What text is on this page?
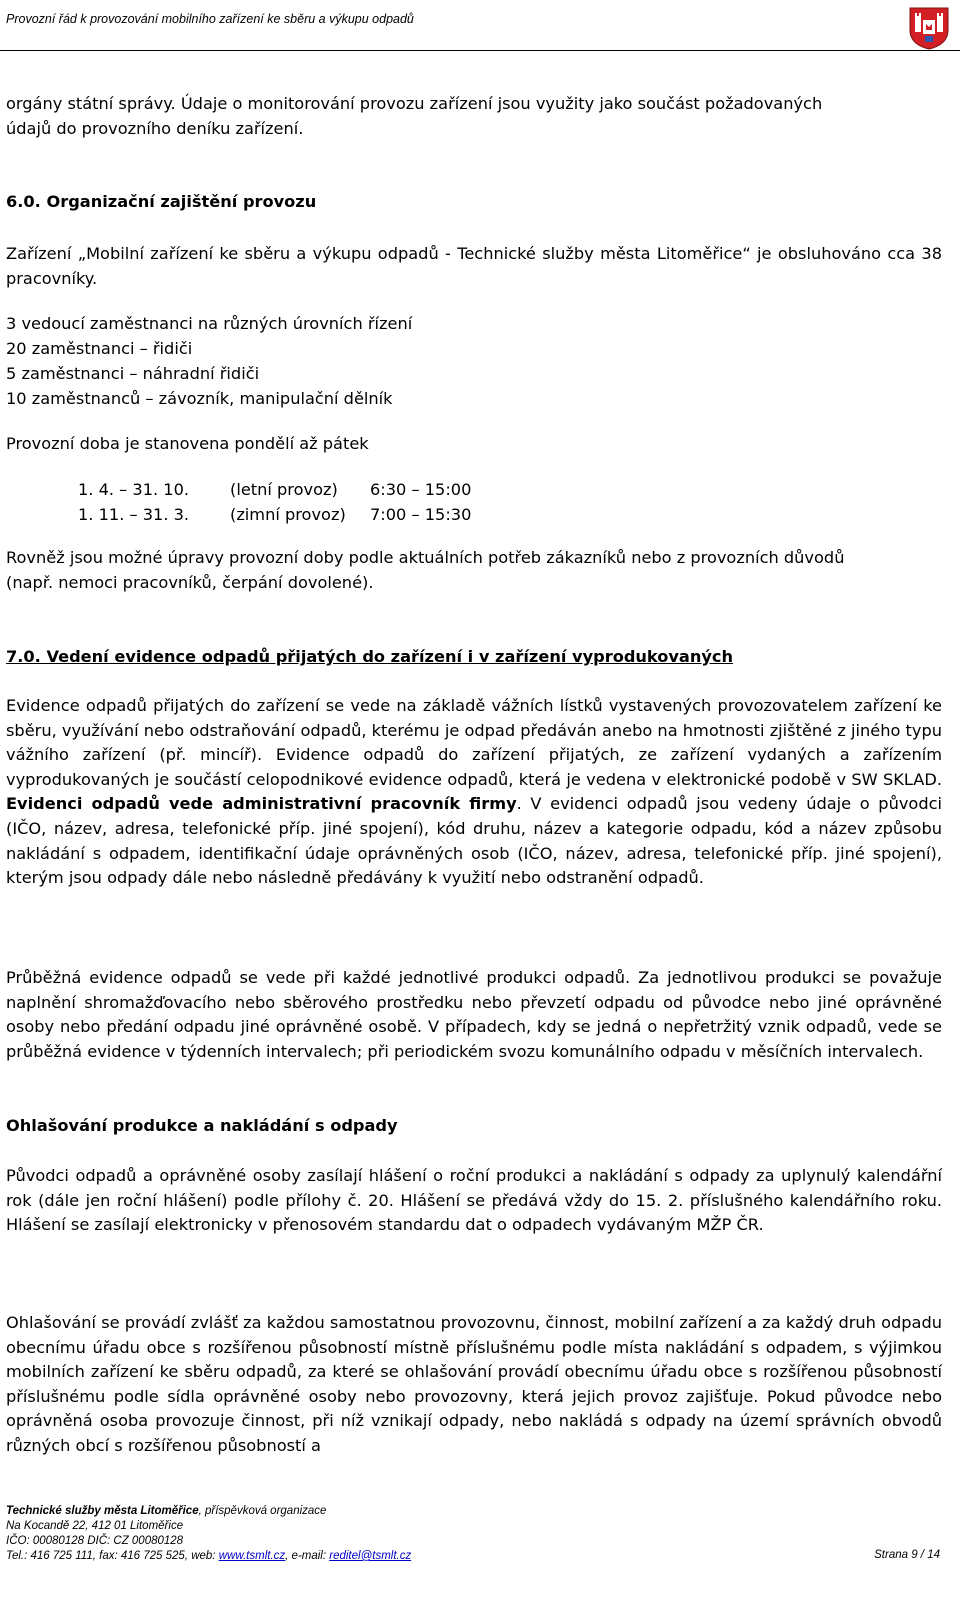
Provozní řád k provozování mobilního zařízení ke sběru a výkupu odpadů
orgány státní správy. Údaje o monitorování provozu zařízení jsou využity jako součást požadovaných
údajů do provozního deníku zařízení.
6.0. Organizační zajištění provozu
Zařízení „Mobilní zařízení ke sběru a výkupu odpadů - Technické služby města Litoměřice“ je obsluhováno cca 38 pracovníky.
3 vedoucí zaměstnanci na různých úrovních řízení
20 zaměstnanci – řidiči
5 zaměstnanci – náhradní řidiči
10 zaměstnanců – závozník, manipulační dělník
Provozní doba je stanovena pondělí až pátek
1. 4. – 31. 10.	(letní provoz)	6:30 – 15:00
1. 11. – 31. 3.	(zimní provoz)	7:00 – 15:30
Rovněž jsou možné úpravy provozní doby podle aktuálních potřeb zákazníků nebo z provozních důvodů
(např. nemoci pracovníků, čerpání dovolené).
7.0. Vedení evidence odpadů přijatých do zařízení i v zařízení vyprodukovaných
Evidence odpadů přijatých do zařízení se vede na základě vážních lístků vystavených provozovatelem zařízení ke sběru, využívání nebo odstraňování odpadů, kterému je odpad předáván anebo na hmotnosti zjištěné z jiného typu vážního zařízení (př. mincíř). Evidence odpadů do zařízení přijatých, ze zařízení vydaných a zařízením vyprodukovaných je součástí celopodnikové evidence odpadů, která je vedena v elektronické podobě v SW SKLAD. Evidenci odpadů vede administrativní pracovník firmy. V evidenci odpadů jsou vedeny údaje o původci (IČO, název, adresa, telefonické příp. jiné spojení), kód druhu, název a kategorie odpadu, kód a název způsobu nakládání s odpadem, identifikační údaje oprávněných osob (IČO, název, adresa, telefonické příp. jiné spojení), kterým jsou odpady dále nebo následně předávány k využití nebo odstranění odpadů.
Průběžná evidence odpadů se vede při každé jednotlivé produkci odpadů. Za jednotlivou produkci se považuje naplnění shromažďovacího nebo sběrového prostředku nebo převzetí odpadu od původce nebo jiné oprávněné osoby nebo předání odpadu jiné oprávněné osobě. V případech, kdy se jedná o nepřetržitý vznik odpadů, vede se průběžná evidence v týdenních intervalech; při periodickém svozu komunálního odpadu v měsíčních intervalech.
Ohlašování produkce a nakládání s odpady
Původci odpadů a oprávněné osoby zasílají hlášení o roční produkci a nakládání s odpady za uplynulý kalendářní rok (dále jen roční hlášení) podle přílohy č. 20. Hlášení se předává vždy do 15. 2. příslušného kalendářního roku. Hlášení se zasílají elektronicky v přenosovém standardu dat o odpadech vydávaným MŽP ČR.
Ohlašování se provádí zvlášť za každou samostatnou provozovnu, činnost, mobilní zařízení a za každý druh odpadu obecnímu úřadu obce s rozšířenou působností místně příslušnému podle místa nakládání s odpadem, s výjimkou mobilních zařízení ke sběru odpadů, za které se ohlašování provádí obecnímu úřadu obce s rozšířenou působností příslušnému podle sídla oprávněné osoby nebo provozovny, která jejich provoz zajišťuje. Pokud původce nebo oprávněná osoba provozuje činnost, při níž vznikají odpady, nebo nakládá s odpady na území správních obvodů různých obcí s rozšířenou působností a
Technické služby města Litoměřice, příspěvková organizace
Na Kocandě 22, 412 01 Litoměřice
IČO: 00080128 DIČ: CZ 00080128
Tel.: 416 725 111, fax: 416 725 525, web: www.tsmlt.cz, e-mail: reditel@tsmlt.cz	Strana 9 / 14
